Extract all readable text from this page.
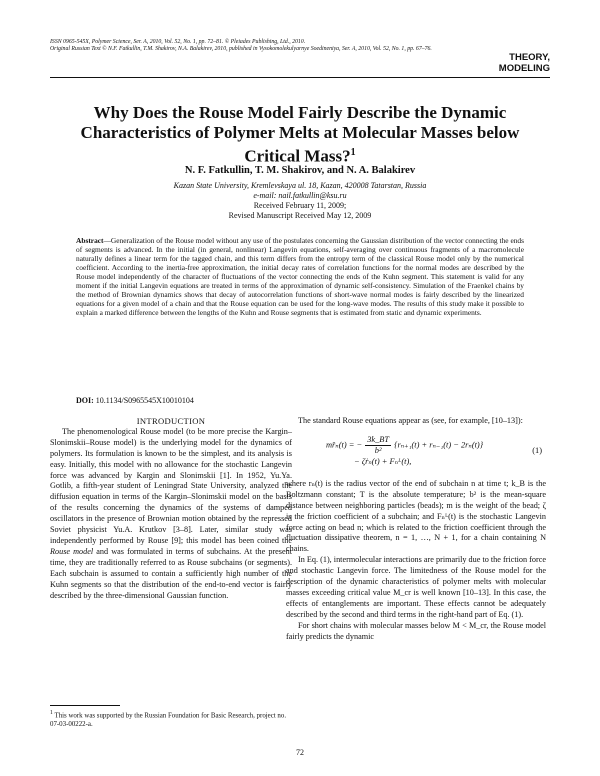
ISSN 0965-545X, Polymer Science, Ser. A, 2010, Vol. 52, No. 1, pp. 72–81. © Pleiades Publishing, Ltd., 2010.
Original Russian Text © N.F. Fatkullin, T.M. Shakirov, N.A. Balakirev, 2010, published in Vysokomolekulyarnye Soedineniya, Ser. A, 2010, Vol. 52, No. 1, pp. 67–76.
THEORY,
MODELING
Why Does the Rouse Model Fairly Describe the Dynamic Characteristics of Polymer Melts at Molecular Masses below Critical Mass?$^1$
N. F. Fatkullin, T. M. Shakirov, and N. A. Balakirev
Kazan State University, Kremlevskaya ul. 18, Kazan, 420008 Tatarstan, Russia
e-mail: nail.fatkullin@ksu.ru
Received February 11, 2009;
Revised Manuscript Received May 12, 2009
Abstract—Generalization of the Rouse model without any use of the postulates concerning the Gaussian distribution of the vector connecting the ends of segments is advanced. In the initial (in general, nonlinear) Langevin equations, self-averaging over continuous fragments of a macromolecule naturally defines a linear term for the tagged chain, and this term differs from the entropy term of the classical Rouse model only by the numerical coefficient. According to the inertia-free approximation, the initial decay rates of correlation functions for the normal modes are described by the Rouse model independently of the character of fluctuations of the vector connecting the ends of the Kuhn segment. This statement is valid for any moment if the initial Langevin equations are treated in terms of the approximation of dynamic self-consistency. Simulation of the Fraenkel chains by the method of Brownian dynamics shows that decay of autocorrelation functions of short-wave normal modes is fairly described by the linearized equations for a given model of a chain and that the Rouse equation can be used for the long-wave modes. The results of this study make it possible to explain a marked difference between the lengths of the Kuhn and Rouse segments that is estimated from static and dynamic experiments.
DOI: 10.1134/S0965545X10010104

INTRODUCTION

The phenomenological Rouse model (to be more precise the Kargin–Slonimskii–Rouse model) is the underlying model for the dynamics of polymers. Its formulation is known to be the simplest, and its analysis is easy. Initially, this model with no allowance for the stochastic Langevin force was advanced by Kargin and Slonimskii [1]. In 1952, Yu.Ya. Gotlib, a fifth-year student of Leningrad State University, analyzed the diffusion equation in terms of the Kargin–Slonimskii model on the basis of the results concerning the dynamics of the systems of damped oscillators in the presence of Brownian motion obtained by the repressed Soviet physicist Yu.A. Krutkov [3–8]. Later, similar study was independently performed by Rouse [9]; this model has been coined the Rouse model and was formulated in terms of subchains. At the present time, they are traditionally referred to as Rouse subchains (or segments). Each subchain is assumed to contain a sufficiently high number of the Kuhn segments so that the distribution of the end-to-end vector is fairly described by the three-dimensional Gaussian function.

The standard Rouse equations appear as (see, for example, [10–13]):

mr̈ₙ(t) = − $\frac{3k\_BT}{\text{b²}} \{r_{n+1}(t) + r_{n-1}(t) - 2r_n(t)\}$
− ζṙₙ(t) + Fₙᴸ(t),
(1)

where rₙ(t) is the radius vector of the end of subchain n at time t; k_B is the Boltzmann constant; T is the absolute temperature; b² is the mean-square distance between neighboring particles (beads); m is the weight of the bead; ζ is the friction coefficient of a subchain; and Fₙᴸ(t) is the stochastic Langevin force acting on bead n; which is related to the friction coefficient through the fluctuation dissipative theorem, n = 1, …, N + 1, for a chain containing N chains.

In Eq. (1), intermolecular interactions are primarily due to the friction force and stochastic Langevin force. The limitedness of the Rouse model for the description of the dynamic characteristics of polymer melts with molecular masses exceeding critical value M_cr is well known [10–13]. In this case, the effects of entanglements are important. These effects cannot be adequately described by the second and third terms in the right-hand part of Eq. (1).

For short chains with molecular masses below M < M_cr, the Rouse model fairly predicts the dynamic

$^1$ This work was supported by the Russian Foundation for Basic Research, project no. 07-03-00222-a.
72
